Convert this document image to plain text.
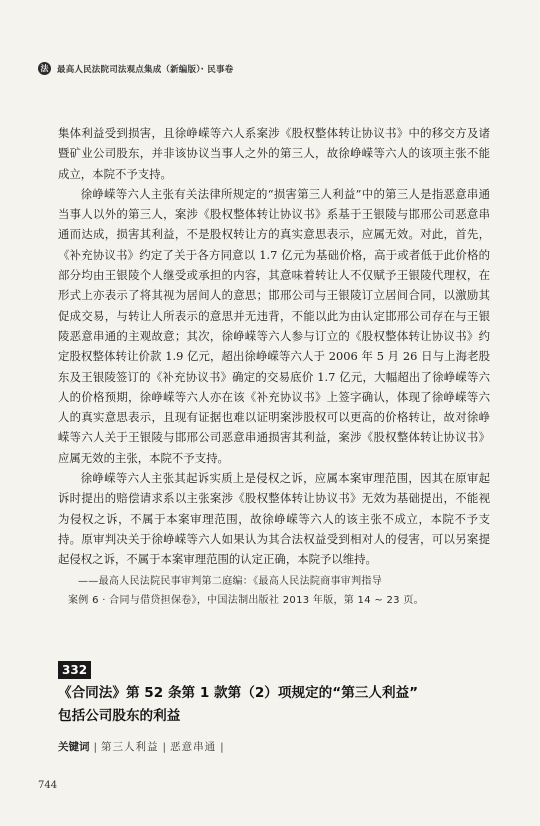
法 最高人民法院司法观点集成（新编版）· 民事卷

集体利益受到损害，且徐峥嵘等六人系案涉《股权整体转让协议书》中的移交方及诸暨矿业公司股东，并非该协议当事人之外的第三人，故徐峥嵘等六人的该项主张不能成立，本院不予支持。

徐峥嵘等六人主张有关法律所规定的“损害第三人利益”中的第三人是指恶意串通当事人以外的第三人，案涉《股权整体转让协议书》系基于王银陵与邯邢公司恶意串通而达成，损害其利益，不是股权转让方的真实意思表示，应属无效。对此，首先，《补充协议书》约定了关于各方同意以 1.7 亿元为基础价格，高于或者低于此价格的部分均由王银陵个人继受或承担的内容，其意味着转让人不仅赋予王银陵代理权，在形式上亦表示了将其视为居间人的意思；邯邢公司与王银陵订立居间合同，以激励其促成交易，与转让人所表示的意思并无违背，不能以此为由认定邯邢公司存在与王银陵恶意串通的主观故意；其次，徐峥嵘等六人参与订立的《股权整体转让协议书》约定股权整体转让价款 1.9 亿元，超出徐峥嵘等六人于 2006 年 5 月 26 日与上海老股东及王银陵签订的《补充协议书》确定的交易底价 1.7 亿元，大幅超出了徐峥嵘等六人的价格预期，徐峥嵘等六人亦在该《补充协议书》上签字确认，体现了徐峥嵘等六人的真实意思表示，且现有证据也难以证明案涉股权可以更高的价格转让，故对徐峥嵘等六人关于王银陵与邯邢公司恶意串通损害其利益，案涉《股权整体转让协议书》应属无效的主张，本院不予支持。

徐峥嵘等六人主张其起诉实质上是侵权之诉，应属本案审理范围，因其在原审起诉时提出的赔偿请求系以主张案涉《股权整体转让协议书》无效为基础提出，不能视为侵权之诉，不属于本案审理范围，故徐峥嵘等六人的该主张不成立，本院不予支持。原审判决关于徐峥嵘等六人如果认为其合法权益受到相对人的侵害，可以另案提起侵权之诉，不属于本案审理范围的认定正确，本院予以维持。

——最高人民法院民事审判第二庭编：《最高人民法院商事审判指导
案例 6 · 合同与借贷担保卷》，中国法制出版社 2013 年版，第 14 ~ 23 页。
332
《合同法》第 52 条第 1 款第（2）项规定的“第三人利益”
包括公司股东的利益
关键词 | 第三人利益 | 恶意串通 |
744
